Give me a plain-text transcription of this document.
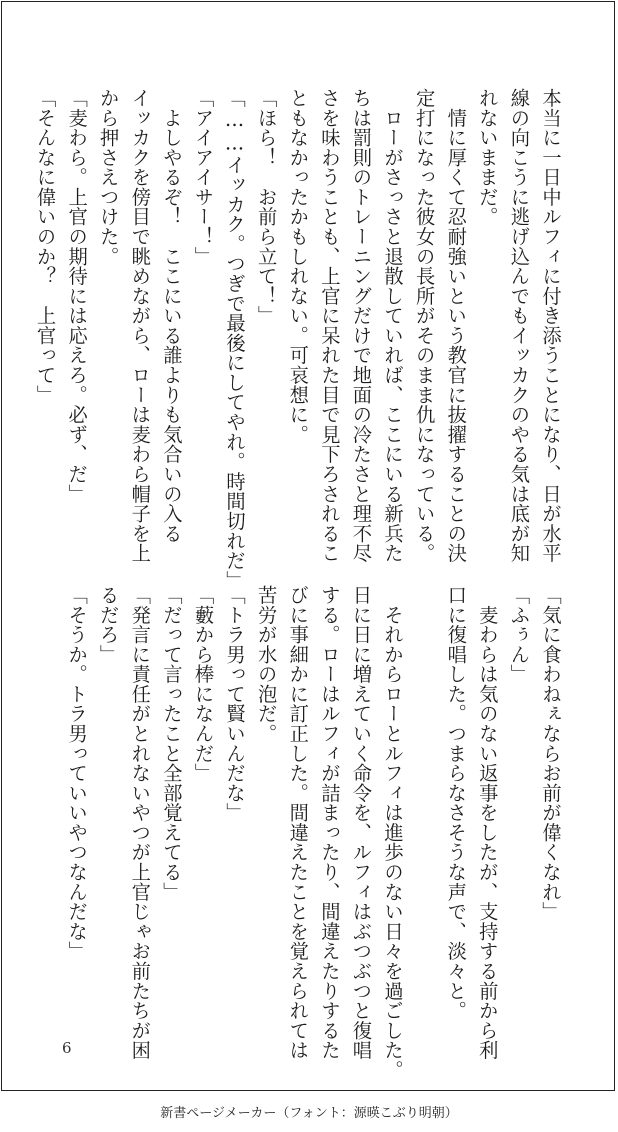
本当に一日中ルフィに付き添うことになり、日が水平
線の向こうに逃げ込んでもイッカクのやる気は底が知
れないままだ。
　情に厚くて忍耐強いという教官に抜擢することの決
定打になった彼女の長所がそのまま仇になっている。
　ローがさっさと退散していれば、ここにいる新兵た
ちは罰則のトレーニングだけで地面の冷たさと理不尽
さを味わうことも、上官に呆れた目で見下ろされるこ
ともなかったかもしれない。可哀想に。
「ほら！　お前ら立て！」
「……イッカク。つぎで最後にしてやれ。時間切れだ」
「アイアイサー！」
　よしやるぞ！　ここにいる誰よりも気合いの入る
イッカクを傍目で眺めながら、ローは麦わら帽子を上
から押さえつけた。
「麦わら。上官の期待には応えろ。必ず、だ」
「そんなに偉いのか？　上官って」
「気に食わねぇならお前が偉くなれ」
「ふぅん」
　麦わらは気のない返事をしたが、支持する前から利
口に復唱した。つまらなさそうな声で、淡々と。
　それからローとルフィは進歩のない日々を過ごした。
日に日に増えていく命令を、ルフィはぶつぶつと復唱
する。ローはルフィが詰まったり、間違えたりするた
びに事細かに訂正した。間違えたことを覚えられては
苦労が水の泡だ。
「トラ男って賢いんだな」
「藪から棒になんだ」
「だって言ったこと全部覚えてる」
「発言に責任がとれないやつが上官じゃお前たちが困
るだろ」
「そうか。トラ男っていいやつなんだな」
6
新書ページメーカー（フォント：源暎こぶり明朝）
